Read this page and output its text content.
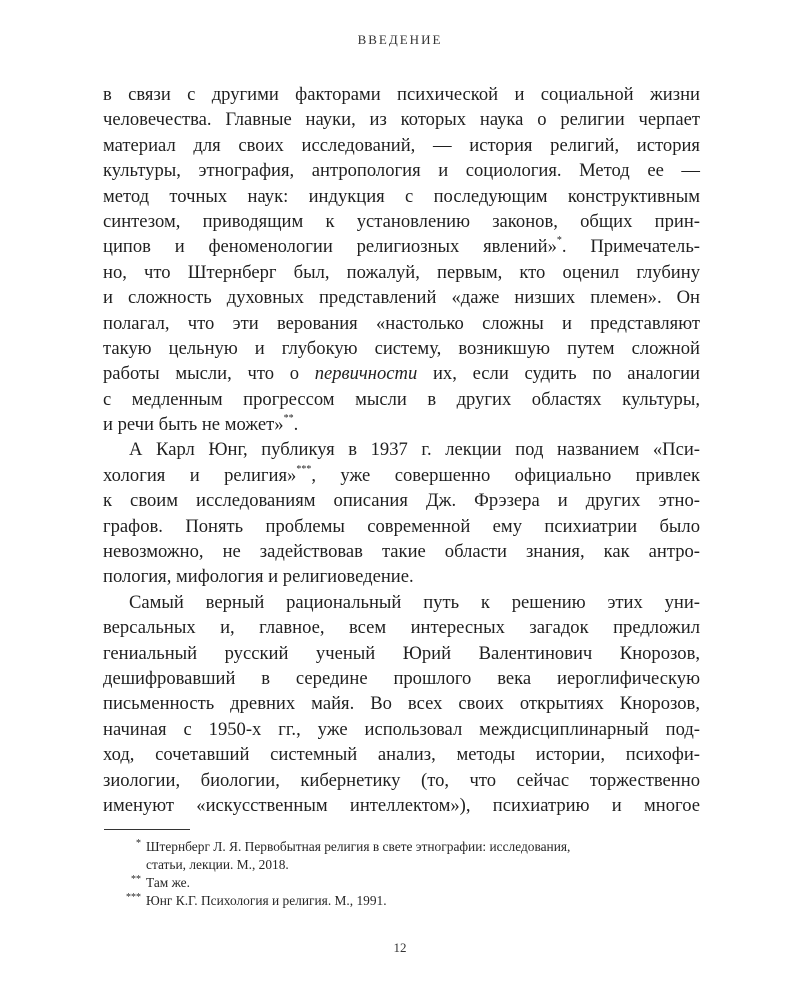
ВВЕДЕНИЕ
в связи с другими факторами психической и социальной жизни
человечества. Главные науки, из которых наука о религии черпает
материал для своих исследований, — история религий, история
культуры, этнография, антропология и социология. Метод ее —
метод точных наук: индукция с последующим конструктивным
синтезом, приводящим к установлению законов, общих прин-
ципов и феноменологии религиозных явлений»*. Примечатель-
но, что Штернберг был, пожалуй, первым, кто оценил глубину
и сложность духовных представлений «даже низших племен». Он
полагал, что эти верования «настолько сложны и представляют
такую цельную и глубокую систему, возникшую путем сложной
работы мысли, что о первичности их, если судить по аналогии
с медленным прогрессом мысли в других областях культуры,
и речи быть не может»**.
А Карл Юнг, публикуя в 1937 г. лекции под названием «Пси-
хология и религия»***, уже совершенно официально привлек
к своим исследованиям описания Дж. Фрэзера и других этно-
графов. Понять проблемы современной ему психиатрии было
невозможно, не задействовав такие области знания, как антро-
пология, мифология и религиоведение.
Самый верный рациональный путь к решению этих уни-
версальных и, главное, всем интересных загадок предложил
гениальный русский ученый Юрий Валентинович Кнорозов,
дешифровавший в середине прошлого века иероглифическую
письменность древних майя. Во всех своих открытиях Кнорозов,
начиная с 1950-х гг., уже использовал междисциплинарный под-
ход, сочетавший системный анализ, методы истории, психофи-
зиологии, биологии, кибернетику (то, что сейчас торжественно
именуют «искусственным интеллектом»), психиатрию и многое
* Штернберг Л. Я. Первобытная религия в свете этнографии: исследования,
статьи, лекции. М., 2018.
** Там же.
*** Юнг К.Г. Психология и религия. М., 1991.
12
